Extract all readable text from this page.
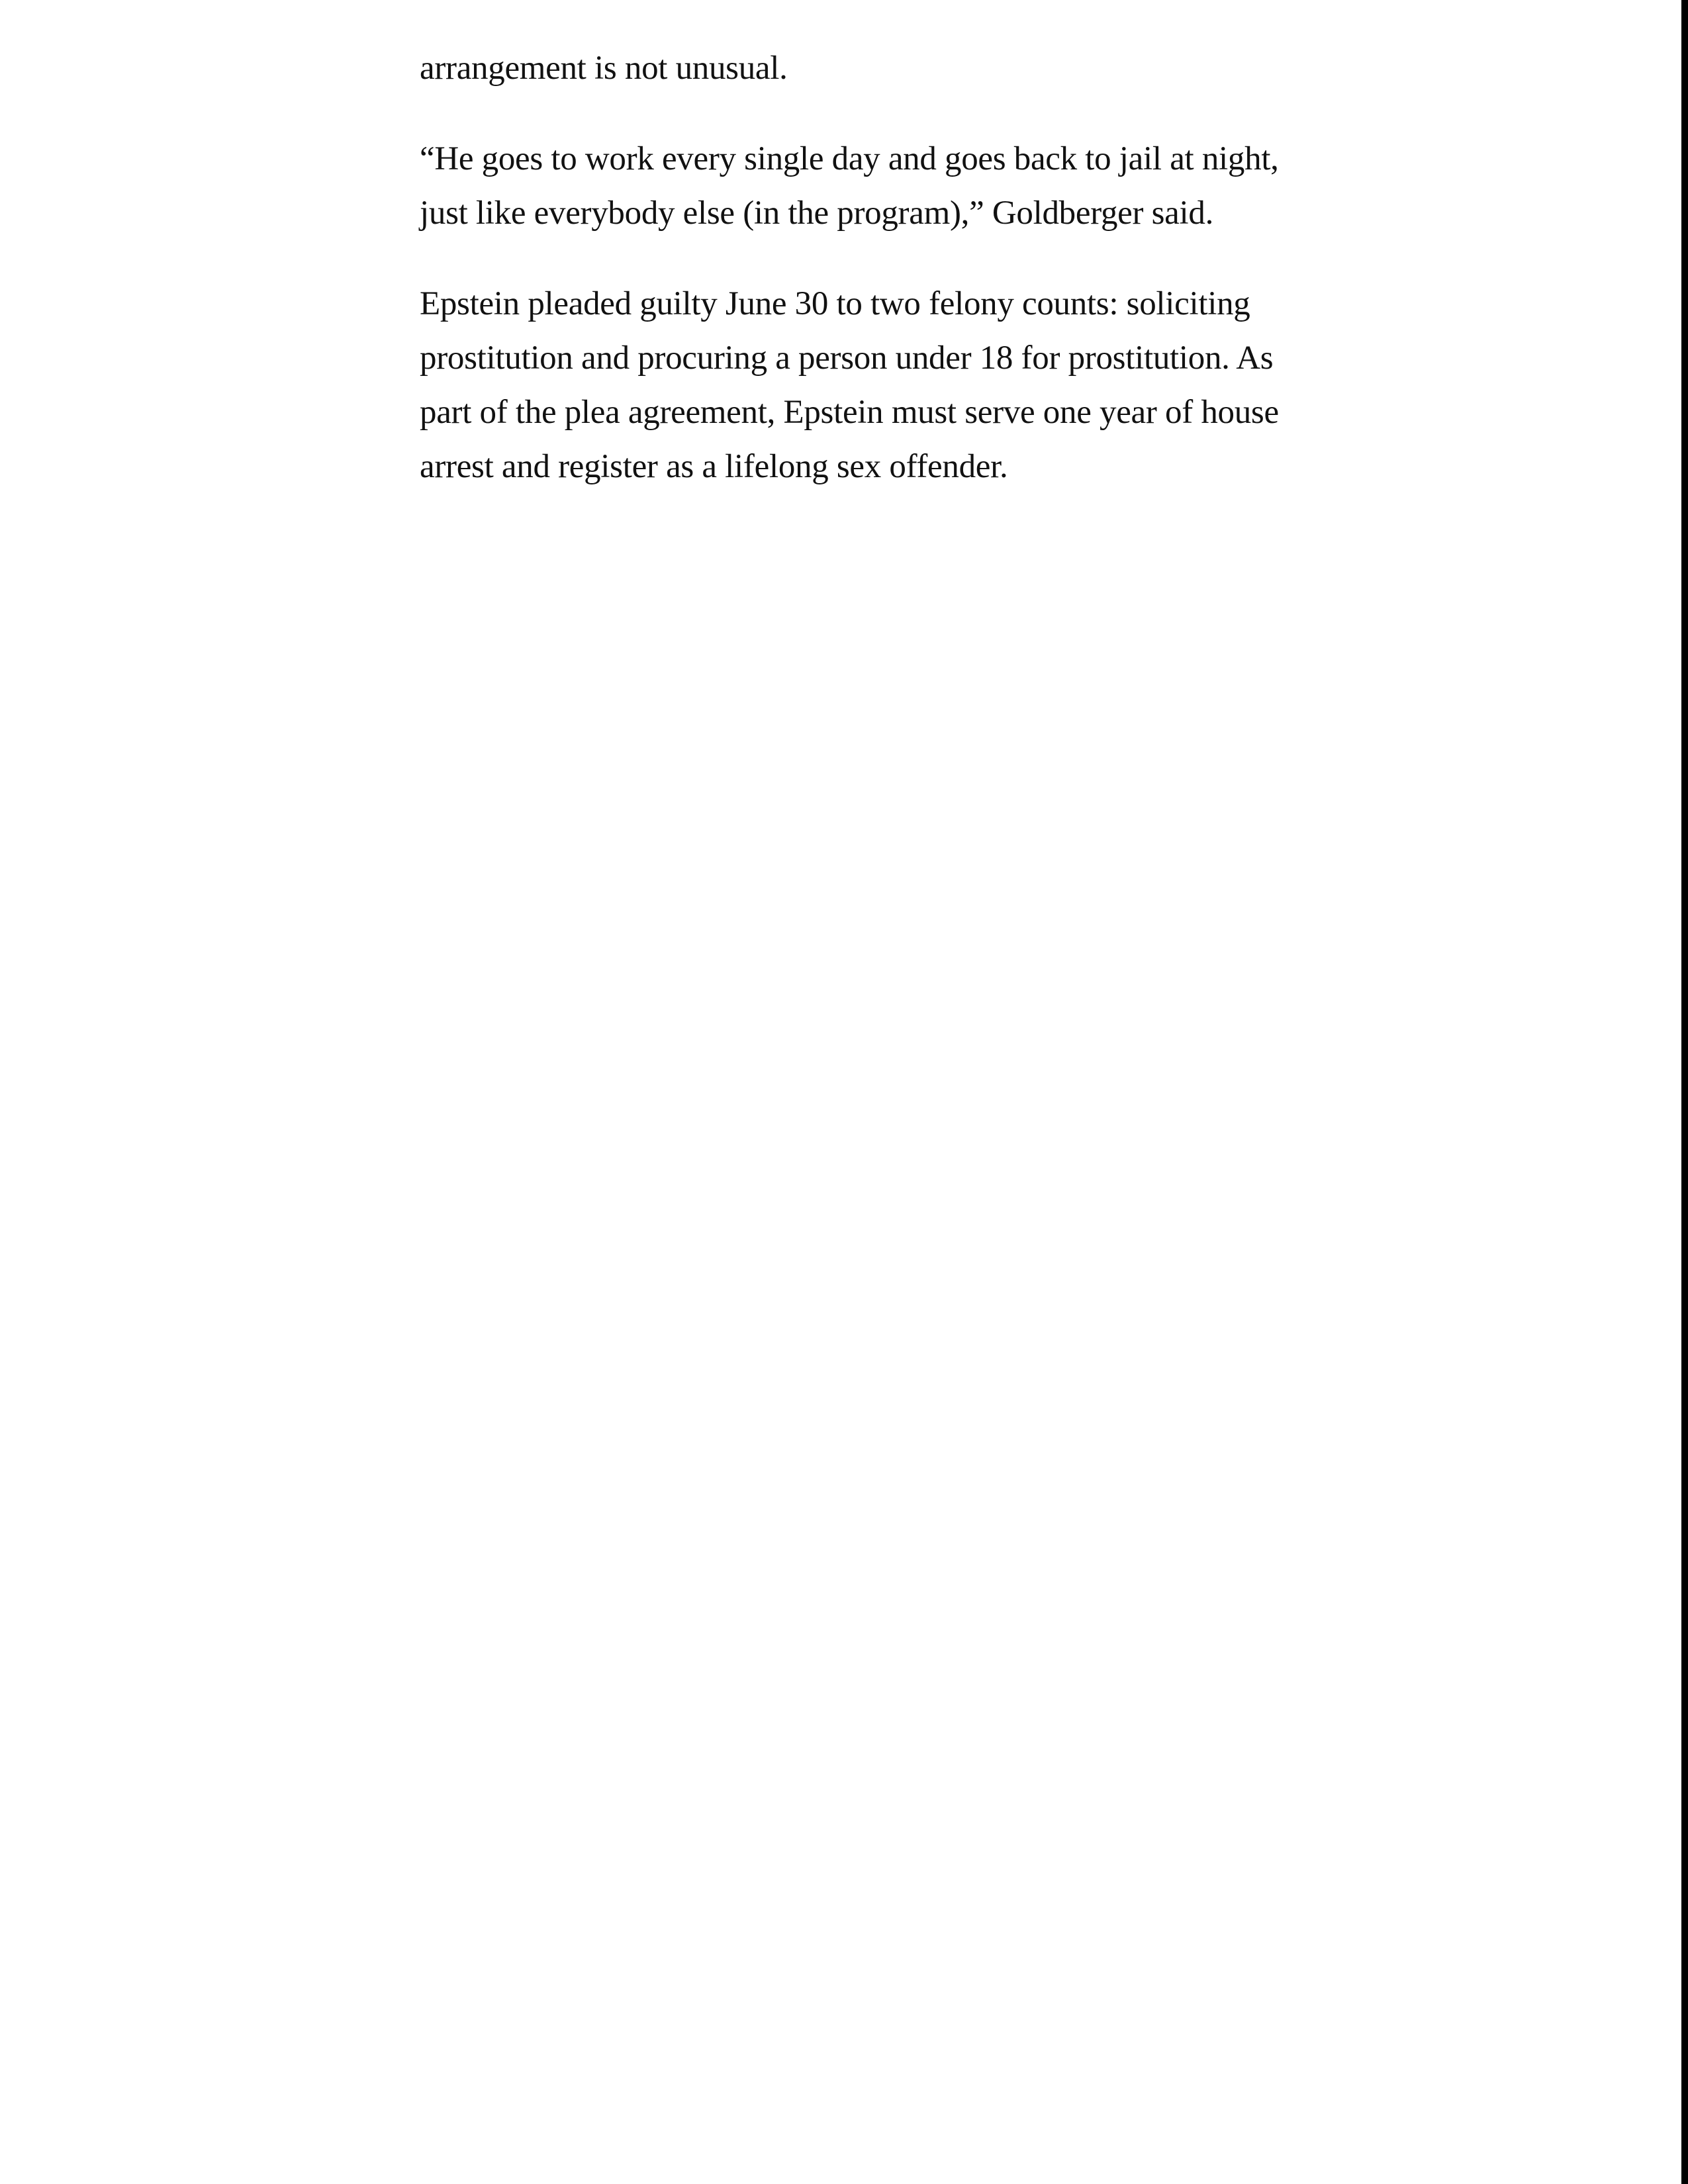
arrangement is not unusual.

“He goes to work every single day and goes back to jail at night, just like everybody else (in the program),” Goldberger said.

Epstein pleaded guilty June 30 to two felony counts: soliciting prostitution and procuring a person under 18 for prostitution. As part of the plea agreement, Epstein must serve one year of house arrest and register as a lifelong sex offender.
